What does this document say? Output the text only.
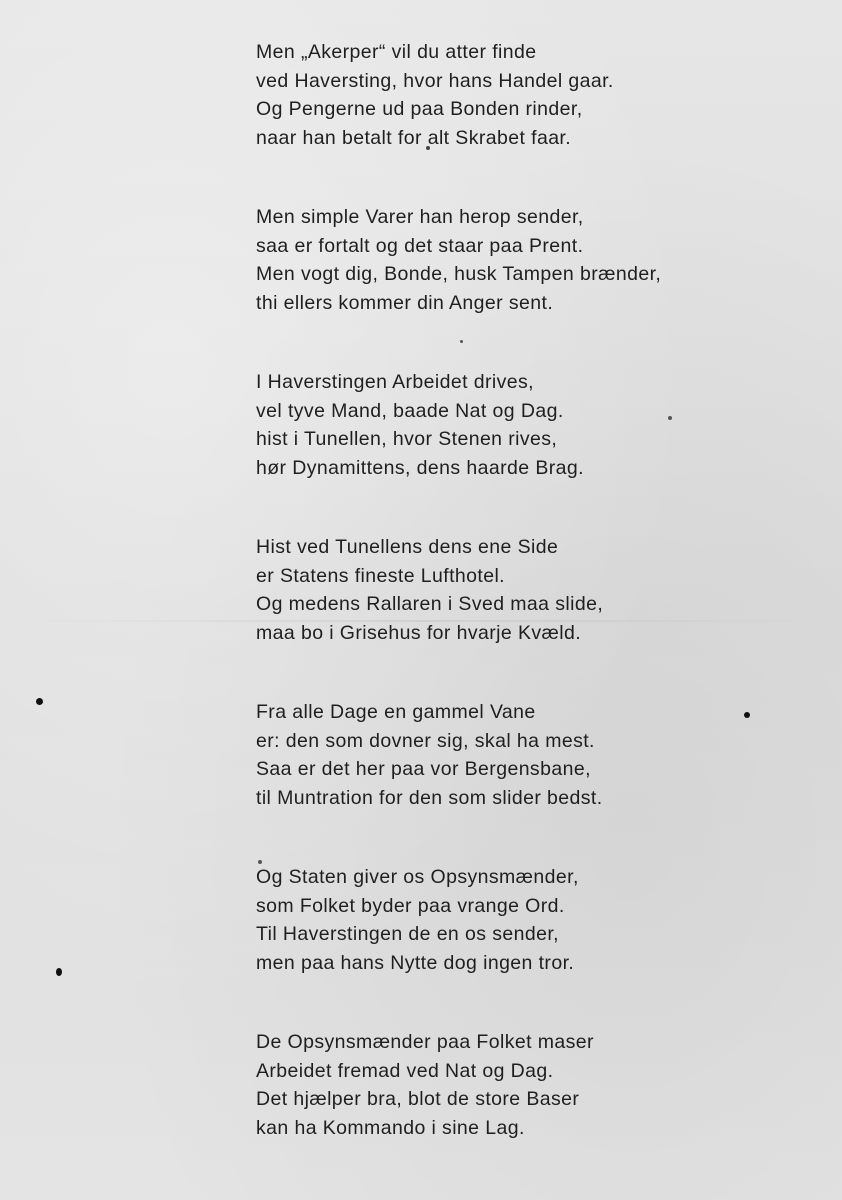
Men „Akerper“ vil du atter finde
ved Haversting, hvor hans Handel gaar.
Og Pengerne ud paa Bonden rinder,
naar han betalt for alt Skrabet faar.
Men simple Varer han herop sender,
saa er fortalt og det staar paa Prent.
Men vogt dig, Bonde, husk Tampen brænder,
thi ellers kommer din Anger sent.
I Haverstingen Arbeidet drives,
vel tyve Mand, baade Nat og Dag.
hist i Tunellen, hvor Stenen rives,
hør Dynamittens, dens haarde Brag.
Hist ved Tunellens dens ene Side
er Statens fineste Lufthotel.
Og medens Rallaren i Sved maa slide,
maa bo i Grisehus for hvarje Kvæld.
Fra alle Dage en gammel Vane
er: den som dovner sig, skal ha mest.
Saa er det her paa vor Bergensbane,
til Muntration for den som slider bedst.
Og Staten giver os Opsynsmænder,
som Folket byder paa vrange Ord.
Til Haverstingen de en os sender,
men paa hans Nytte dog ingen tror.
De Opsynsmænder paa Folket maser
Arbeidet fremad ved Nat og Dag.
Det hjælper bra, blot de store Baser
kan ha Kommando i sine Lag.
